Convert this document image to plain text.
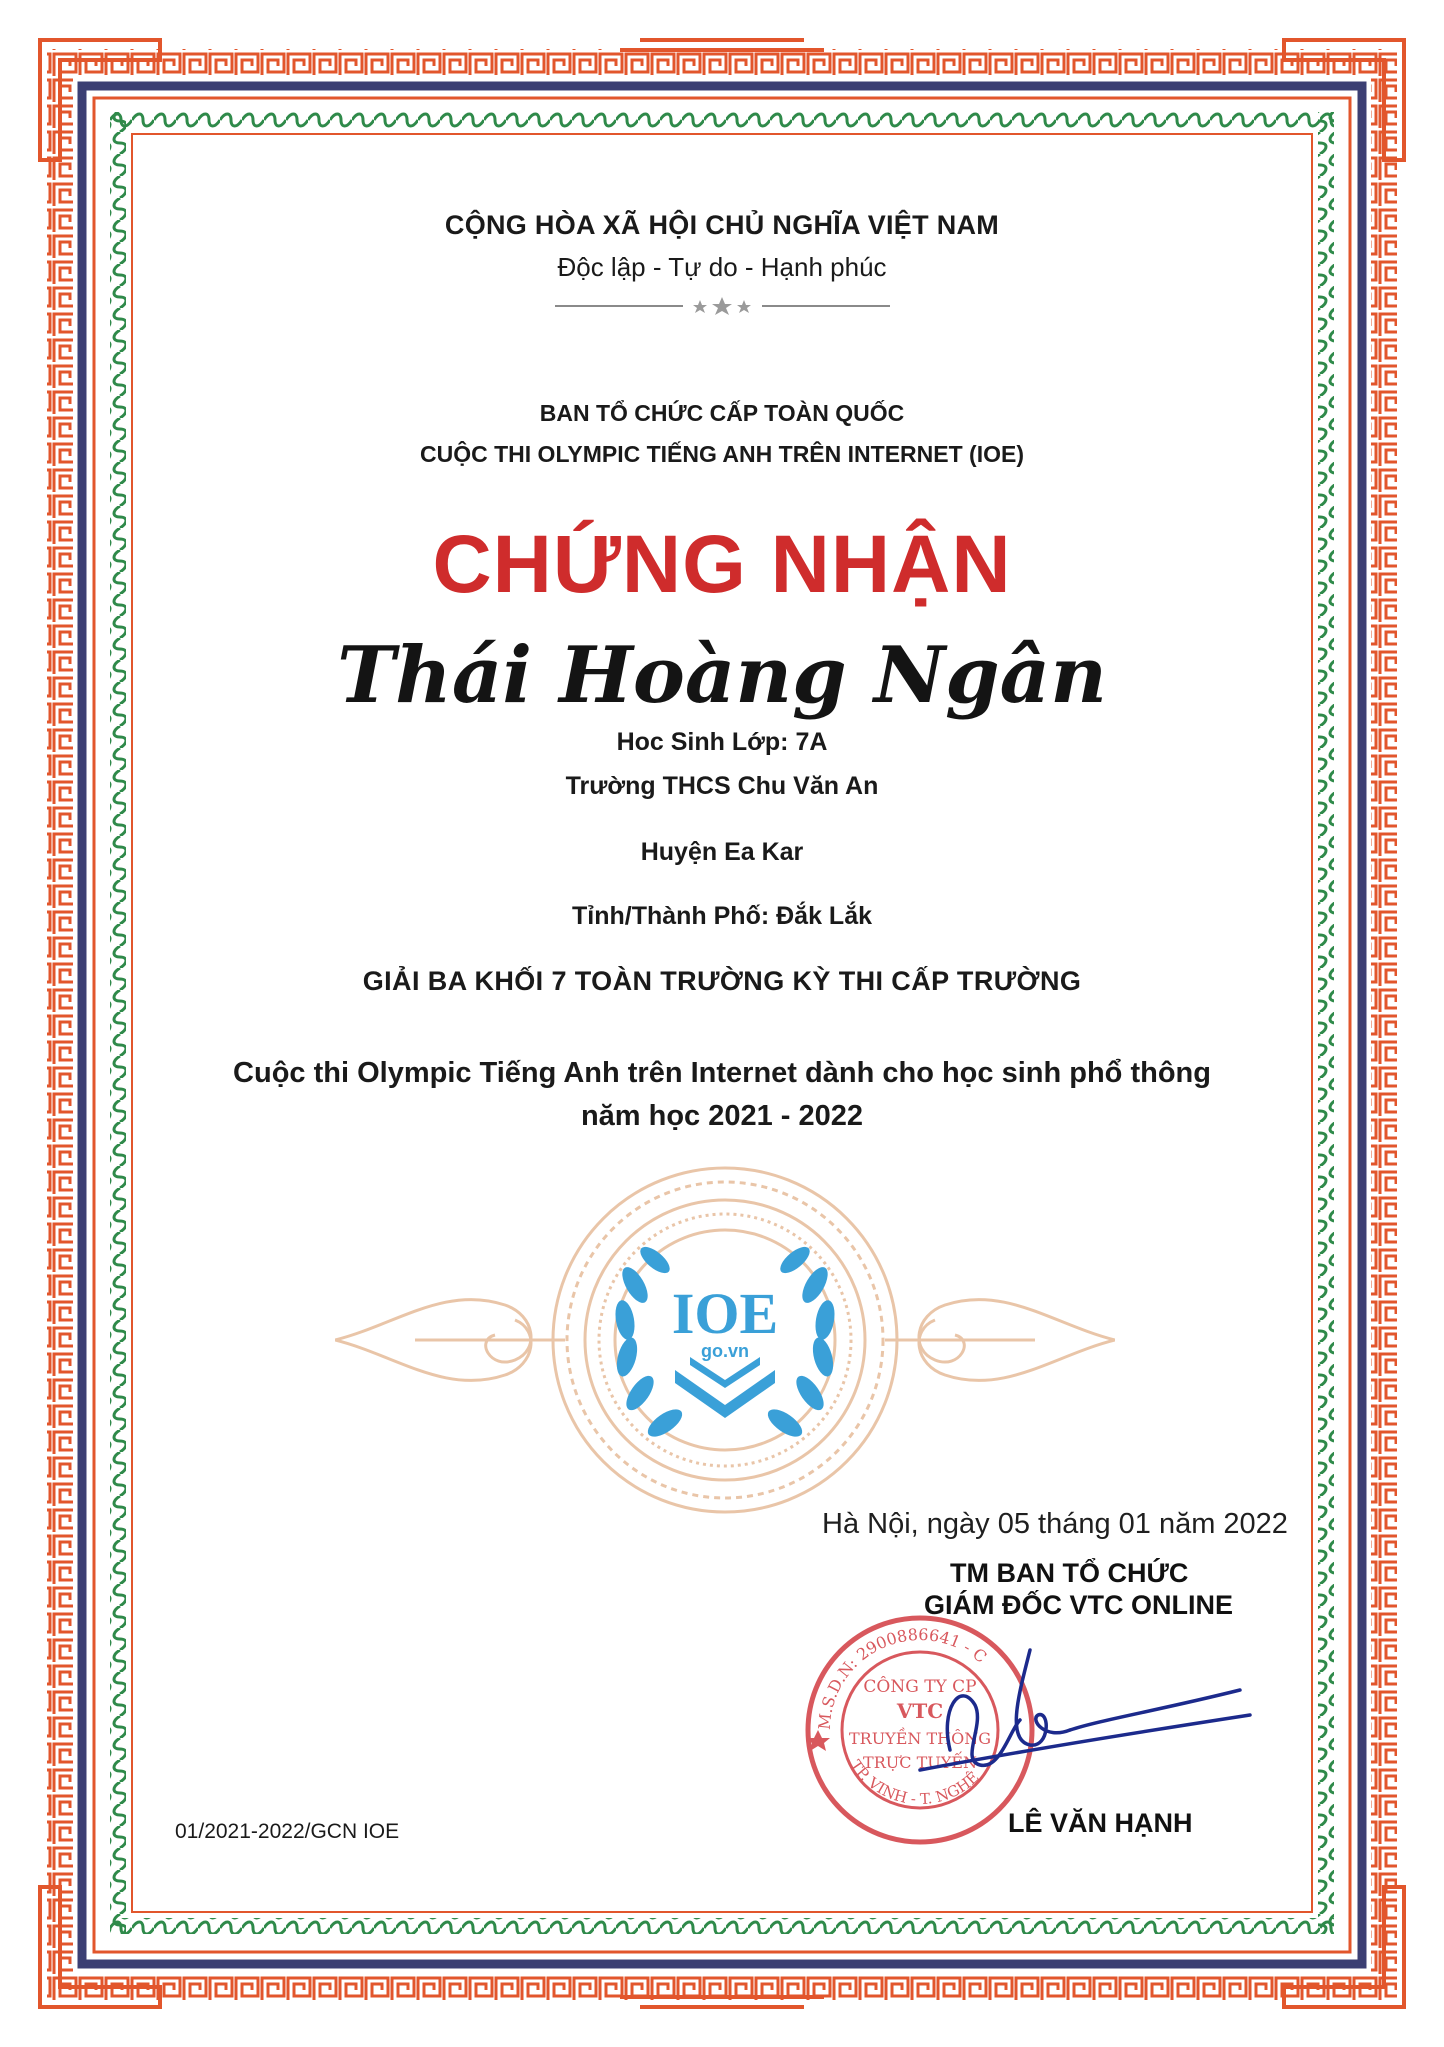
CỘNG HÒA XÃ HỘI CHỦ NGHĨA VIỆT NAM
Độc lập - Tự do - Hạnh phúc
BAN TỔ CHỨC CẤP TOÀN QUỐC
CUỘC THI OLYMPIC TIẾNG ANH TRÊN INTERNET (IOE)
CHỨNG NHẬN
Thái Hoàng Ngân
Hoc Sinh Lớp: 7A
Trường THCS Chu Văn An
Huyện Ea Kar
Tỉnh/Thành Phố: Đắk Lắk
GIẢI BA KHỐI 7 TOÀN TRƯỜNG KỲ THI CẤP TRƯỜNG
Cuộc thi Olympic Tiếng Anh trên Internet dành cho học sinh phổ thông
năm học 2021 - 2022
IOE
go.vn
Hà Nội, ngày 05 tháng 01 năm 2022
TM BAN TỔ CHỨC
GIÁM ĐỐC VTC ONLINE
M.S.D.N: 2900886641 - C
TP. VINH - T. NGHỆ
CÔNG TY CP
VTC
TRUYỀN THÔNG
TRỰC TUYẾN
LÊ VĂN HẠNH
01/2021-2022/GCN IOE
